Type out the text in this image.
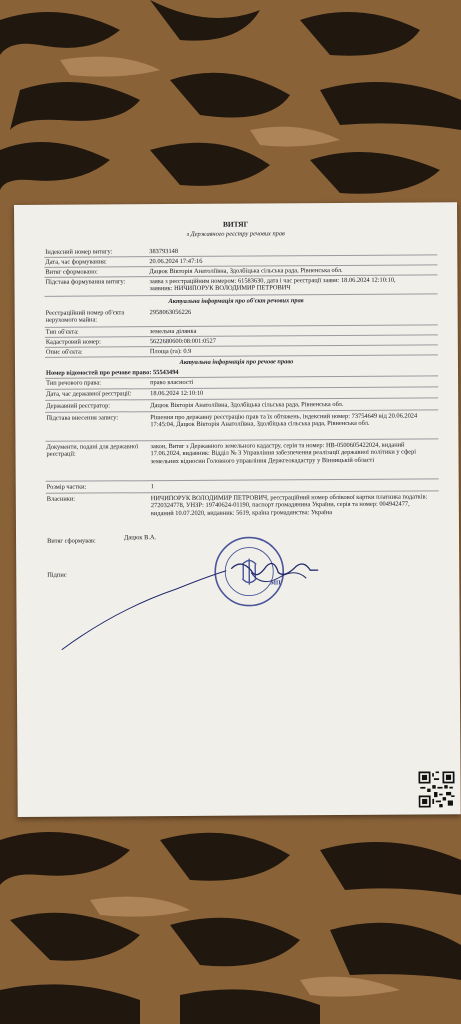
ВИТЯГ
з Державного реєстру речових прав
Індексний номер витягу:	383793148
Дата, час формування:	20.06.2024 17:47:16
Витяг сформовано:	Дацюк Вікторія Анатоліївна, Здолбіцька сільська рада, Рівненська обл.
Підстава формування витягу:	заява з реєстраційним номером: 61583630, дата і час реєстрації заяви: 18.06.2024 12:10:10, заявник: НИЧИПОРУК ВОЛОДИМИР ПЕТРОВИЧ
Актуальна інформація про об'єкт речових прав
Реєстраційний номер об'єкта нерухомого майна:
2958063056226
Тип об'єкта:	земельна ділянка
Кадастровий номер:	5622680600:08:001:0527
Опис об'єкта:	Площа (га): 0.9
Актуальна інформація про речове право
Номер відомостей про речове право: 55543494
Тип речового права:	право власності
Дата, час державної реєстрації:	18.06.2024 12:10:10
Державний реєстратор:	Дацюк Вікторія Анатоліївна, Здолбіцька сільська рада, Рівненська обл.
Підстава внесення запису:	Рішення про державну реєстрацію прав та їх обтяжень, індексний номер: 73754649 від 20.06.2024 17:45:04, Дацюк Вікторія Анатоліївна, Здолбіцька сільська рада, Рівненська обл.
Документи, подані для державної реєстрації:
закон, Витяг з Державного земельного кадастру, серія та номер: НВ-0500605422024, виданий 17.06.2024, видавник: Відділ № 3 Управління забезпечення реалізації державної політики у сфері земельних відносин Головного управління Держгеокадастру у Вінницькій області
Розмір частки:	1
Власники:	НИЧИПОРУК ВОЛОДИМИР ПЕТРОВИЧ, реєстраційний номер облікової картки платника податків: 2720324778, УНЗР: 19740624-01190, паспорт громадянина України, серія та номер: 004942477, виданий 10.07.2020, видавник: 5619, країна громадянства: Україна
Витяг сформував:	Дацюк В.А.
Підпис
МП
